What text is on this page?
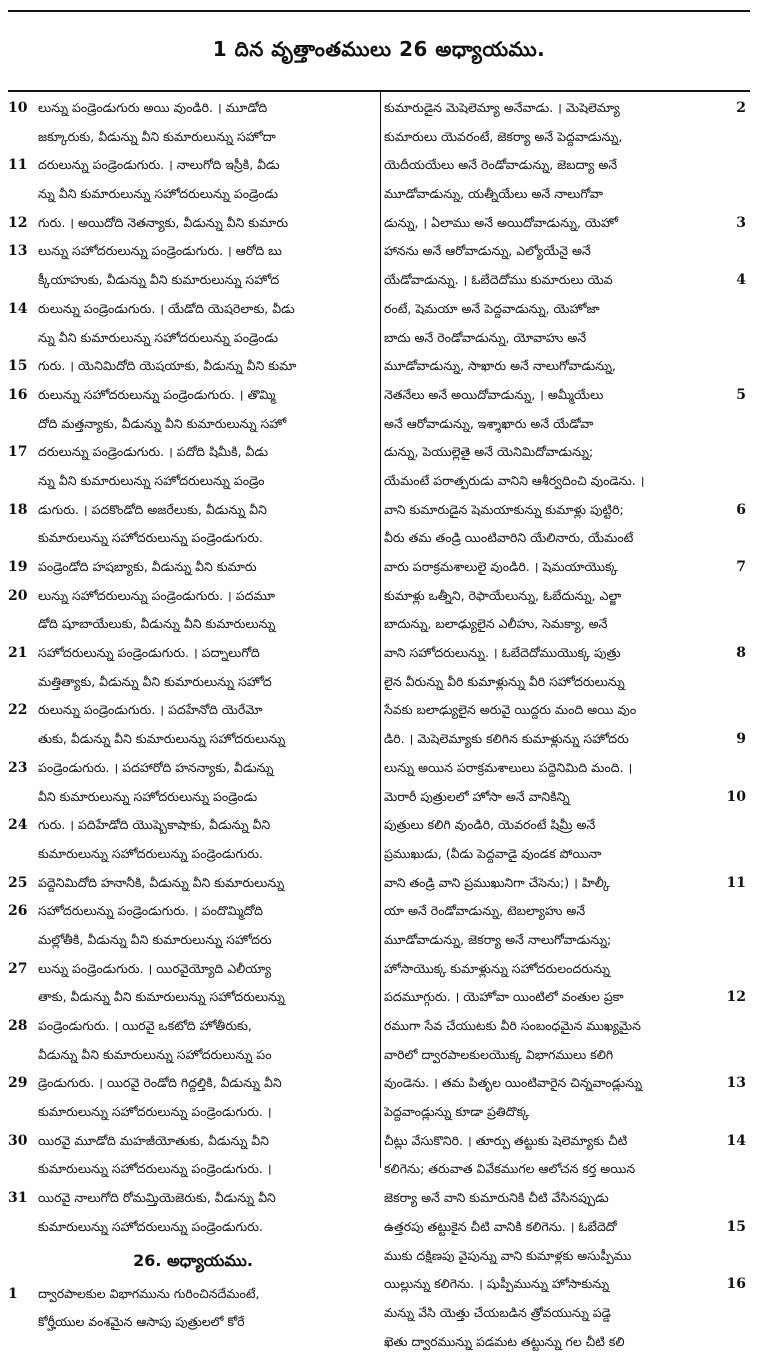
1 దిన వృత్తాంతములు 26 అధ్యాయము.
10 లున్ను పండ్రెండుగురు అయి వుండిరి. । మూడోది
జక్కూరుకు, వీడున్ను వీని కుమారులున్ను సహోదా
11 దరులున్ను పండ్రెండుగురు. । నాలుగోది ఇస్రీకి, వీడు
న్ను వీని కుమారులున్ను సహోదరులున్ను పండ్రెండు
12 గురు. । అయిదోది నెతన్యాకు, వీడున్ను వీని కుమారు
13 లున్ను సహోదరులున్ను పండ్రెండుగురు. । ఆరోది బు
క్కీయాహుకు, వీడున్ను వీని కుమారులున్ను సహోద
14 రులున్ను పండ్రెండుగురు. । యేడోది యెషరెలాకు, వీడు
న్ను వీని కుమారులున్ను సహోదరులున్ను పండ్రెండు
15 గురు. । యెనిమిదోది యెషయాకు, వీడున్ను వీని కుమా
16 రులున్ను సహోదరులున్ను పండ్రెండుగురు. । తొమ్మి
దోది మత్తన్యాకు, వీడున్ను వీని కుమారులున్ను సహో
17 దరులున్ను పండ్రెండుగురు. । పదోది షిమీకి, వీడు
న్ను వీని కుమారులున్ను సహోదరులున్ను పండ్రెం
18 డుగురు. । పదకొండోది అజరేలుకు, వీడున్ను వీని
కుమారులున్ను సహోదరులున్ను పండ్రెండుగురు.
19 పండ్రెండోది హషబ్యాకు, వీడున్ను వీని కుమారు
20 లున్ను సహోదరులున్ను పండ్రెండుగురు. । పదమూ
డోది షూబాయేలుకు, వీడున్ను వీని కుమారులున్ను
21 సహోదరులున్ను పండ్రెండుగురు. । పద్నాలుగోది
మత్తిత్యాకు, వీడున్ను వీని కుమారులున్ను సహోద
22 రులున్ను పండ్రెండుగురు. । పదహేనోది యెరేమో
తుకు, వీడున్ను వీని కుమారులున్ను సహోదరులున్ను
23 పండ్రెండుగురు. । పదహారోది హనన్యాకు, వీడున్ను
వీని కుమారులున్ను సహోదరులున్ను పండ్రెండు
24 గురు. । పదిహేడోది యొష్బెకాషాకు, వీడున్ను వీని
కుమారులున్ను సహోదరులున్ను పండ్రెండుగురు.
25 పద్దెనిమిదోది హనానీకి, వీడున్ను వీని కుమారులున్ను
26 సహోదరులున్ను పండ్రెండుగురు. । పందొమ్మిదోది
మల్లోతీకి, వీడున్ను వీని కుమారులున్ను సహోదరు
27 లున్ను పండ్రెండుగురు. । యిరవైయ్యోది ఎలీయ్యా
తాకు, వీడున్ను వీని కుమారులున్ను సహోదరులున్ను
28 పండ్రెండుగురు. । యిరవై ఒకటోది హోతీరుకు,
వీడున్ను వీని కుమారులున్ను సహోదరులున్ను పం
29 డ్రెండుగురు. । యిరవై రెండోది గిద్దల్తికి, వీడున్ను వీని
కుమారులున్ను సహోదరులున్ను పండ్రెండుగురు. ।
30 యిరవై మూడోది మహజీయోతుకు, వీడున్ను వీని
కుమారులున్ను సహోదరులున్ను పండ్రెండుగురు. ।
31 యిరవై నాలుగోది రోమమ్తియెజెరుకు, వీడున్ను వీని
కుమారులున్ను సహోదరులున్ను పండ్రెండుగురు.
26. అధ్యాయము.
1	ద్వారపాలకుల విభాగమును గురించినదేమంటే,
కోర్హీయుల వంశమైన ఆసాపు పుత్రులలో కోరే
2
కుమారుడైన మెషెలెమ్యా అనేవాడు. । మెషెలెమ్యా
కుమారులు యెవరంటే, జెకర్యా అనే పెద్దవాడున్ను,
యెదీయయేలు అనే రెండోవాడున్ను, జెబద్యా అనే
మూడోవాడున్ను, యత్నీయేలు అనే నాలుగోవా
3
డున్ను, । ఏలాము అనే అయిదోవాడున్ను, యెహో
హానను అనే ఆరోవాడున్ను, ఎల్యోయేనై అనే
4
యేడోవాడున్ను. । ఓబేదెదోము కుమారులు యెవ
రంటే, షెమయా అనే పెద్దవాడున్ను, యెహోజా
బాదు అనే రెండోవాడున్ను, యోవాహు అనే
మూడోవాడున్ను, సాఖారు అనే నాలుగోవాడున్ను,
5
నెతనేలు అనే అయిదోవాడున్ను, । అమ్మీయేలు
అనే ఆరోవాడున్ను, ఇశ్శాఖారు అనే యేడోవా
డున్ను, పెయుల్లెతై అనే యెనిమిదోవాడున్ను;
యేమంటే పరాత్పరుడు వానిని ఆశీర్వదించి వుండెను. ।
6
వాని కుమారుడైన షెమయాకున్ను కుమాళ్లు పుట్టిరి;
వీరు తమ తండ్రి యింటివారిని యేలినారు, యేమంటే
7
వారు పరాక్రమశాలులై వుండిరి. । షెమయాయొక్క
కుమాళ్లు ఒత్నీని, రెఫాయేలున్ను, ఓబేదున్ను, ఎల్జా
బాదున్ను, బలాఢ్యులైన ఎలీహు, సెమక్యా, అనే
8
వాని సహోదరులున్ను. । ఓబేదెదోముయొక్క పుత్రు
లైన వీరున్ను వీరి కుమాళ్లున్ను వీరి సహోదరులున్ను
సేవకు బలాఢ్యులైన అరువై యిద్దరు మంది అయి వుం
9
డిరి. । మెషెలెమ్యాకు కలిగిన కుమాళ్లున్ను సహోదరు
లున్ను అయిన పరాక్రమశాలులు పద్దెనిమిది మంది. ।
10
మెరారీ పుత్రులలో హోసా అనే వానికిన్ని
పుత్రులు కలిగి వుండిరి, యెవరంటే షిమ్రీ అనే
ప్రముఖుడు, (వీడు పెద్దవాడై వుండక పోయినా
11
వాని తండ్రి వాని ప్రముఖునిగా చేసెను;) । హిల్కీ
యా అనే రెండోవాడున్ను, టెబల్యాహు అనే
మూడోవాడున్ను, జెకర్యా అనే నాలుగోవాడున్ను;
హోసాయొక్క కుమాళ్లున్ను సహోదరులందరున్ను
12
పదమూగ్గురు. । యెహోవా యింటిలో వంతుల ప్రకా
రముగా సేవ చేయుటకు వీరి సంబంధమైన ముఖ్యమైన
వారిలో ద్వారపాలకులయొక్క విభాగములు కలిగి
13
వుండెను. । తమ పితృల యింటివారైన చిన్నవాండ్లున్ను
పెద్దవాండ్లున్ను కూడా ప్రతిదొక్క
14
చీట్లు వేసుకొనిరి. । తూర్పు తట్టుకు షెలెమ్యాకు చీటి
కలిగెను; తరువాత వివేకముగల ఆలోచన కర్త అయిన
జెకర్యా అనే వాని కుమారునికి చీటి వేసినప్పుడు
15
ఉత్తరపు తట్టుకైన చీటి వానికి కలిగెను. । ఓబేదెదో
ముకు దక్షిణపు వైపున్ను వాని కుమాళ్లకు అసుప్పీము
16
యిల్లున్ను కలిగెను. । షుప్పీమున్ను హోసాకున్ను
మన్ను వేసి యెత్తు చేయబడిన త్రోవయున్ను పడ్డె
ఖెతు ద్వారమున్ను పడమట తట్టున్ను గల చీటి కలి
